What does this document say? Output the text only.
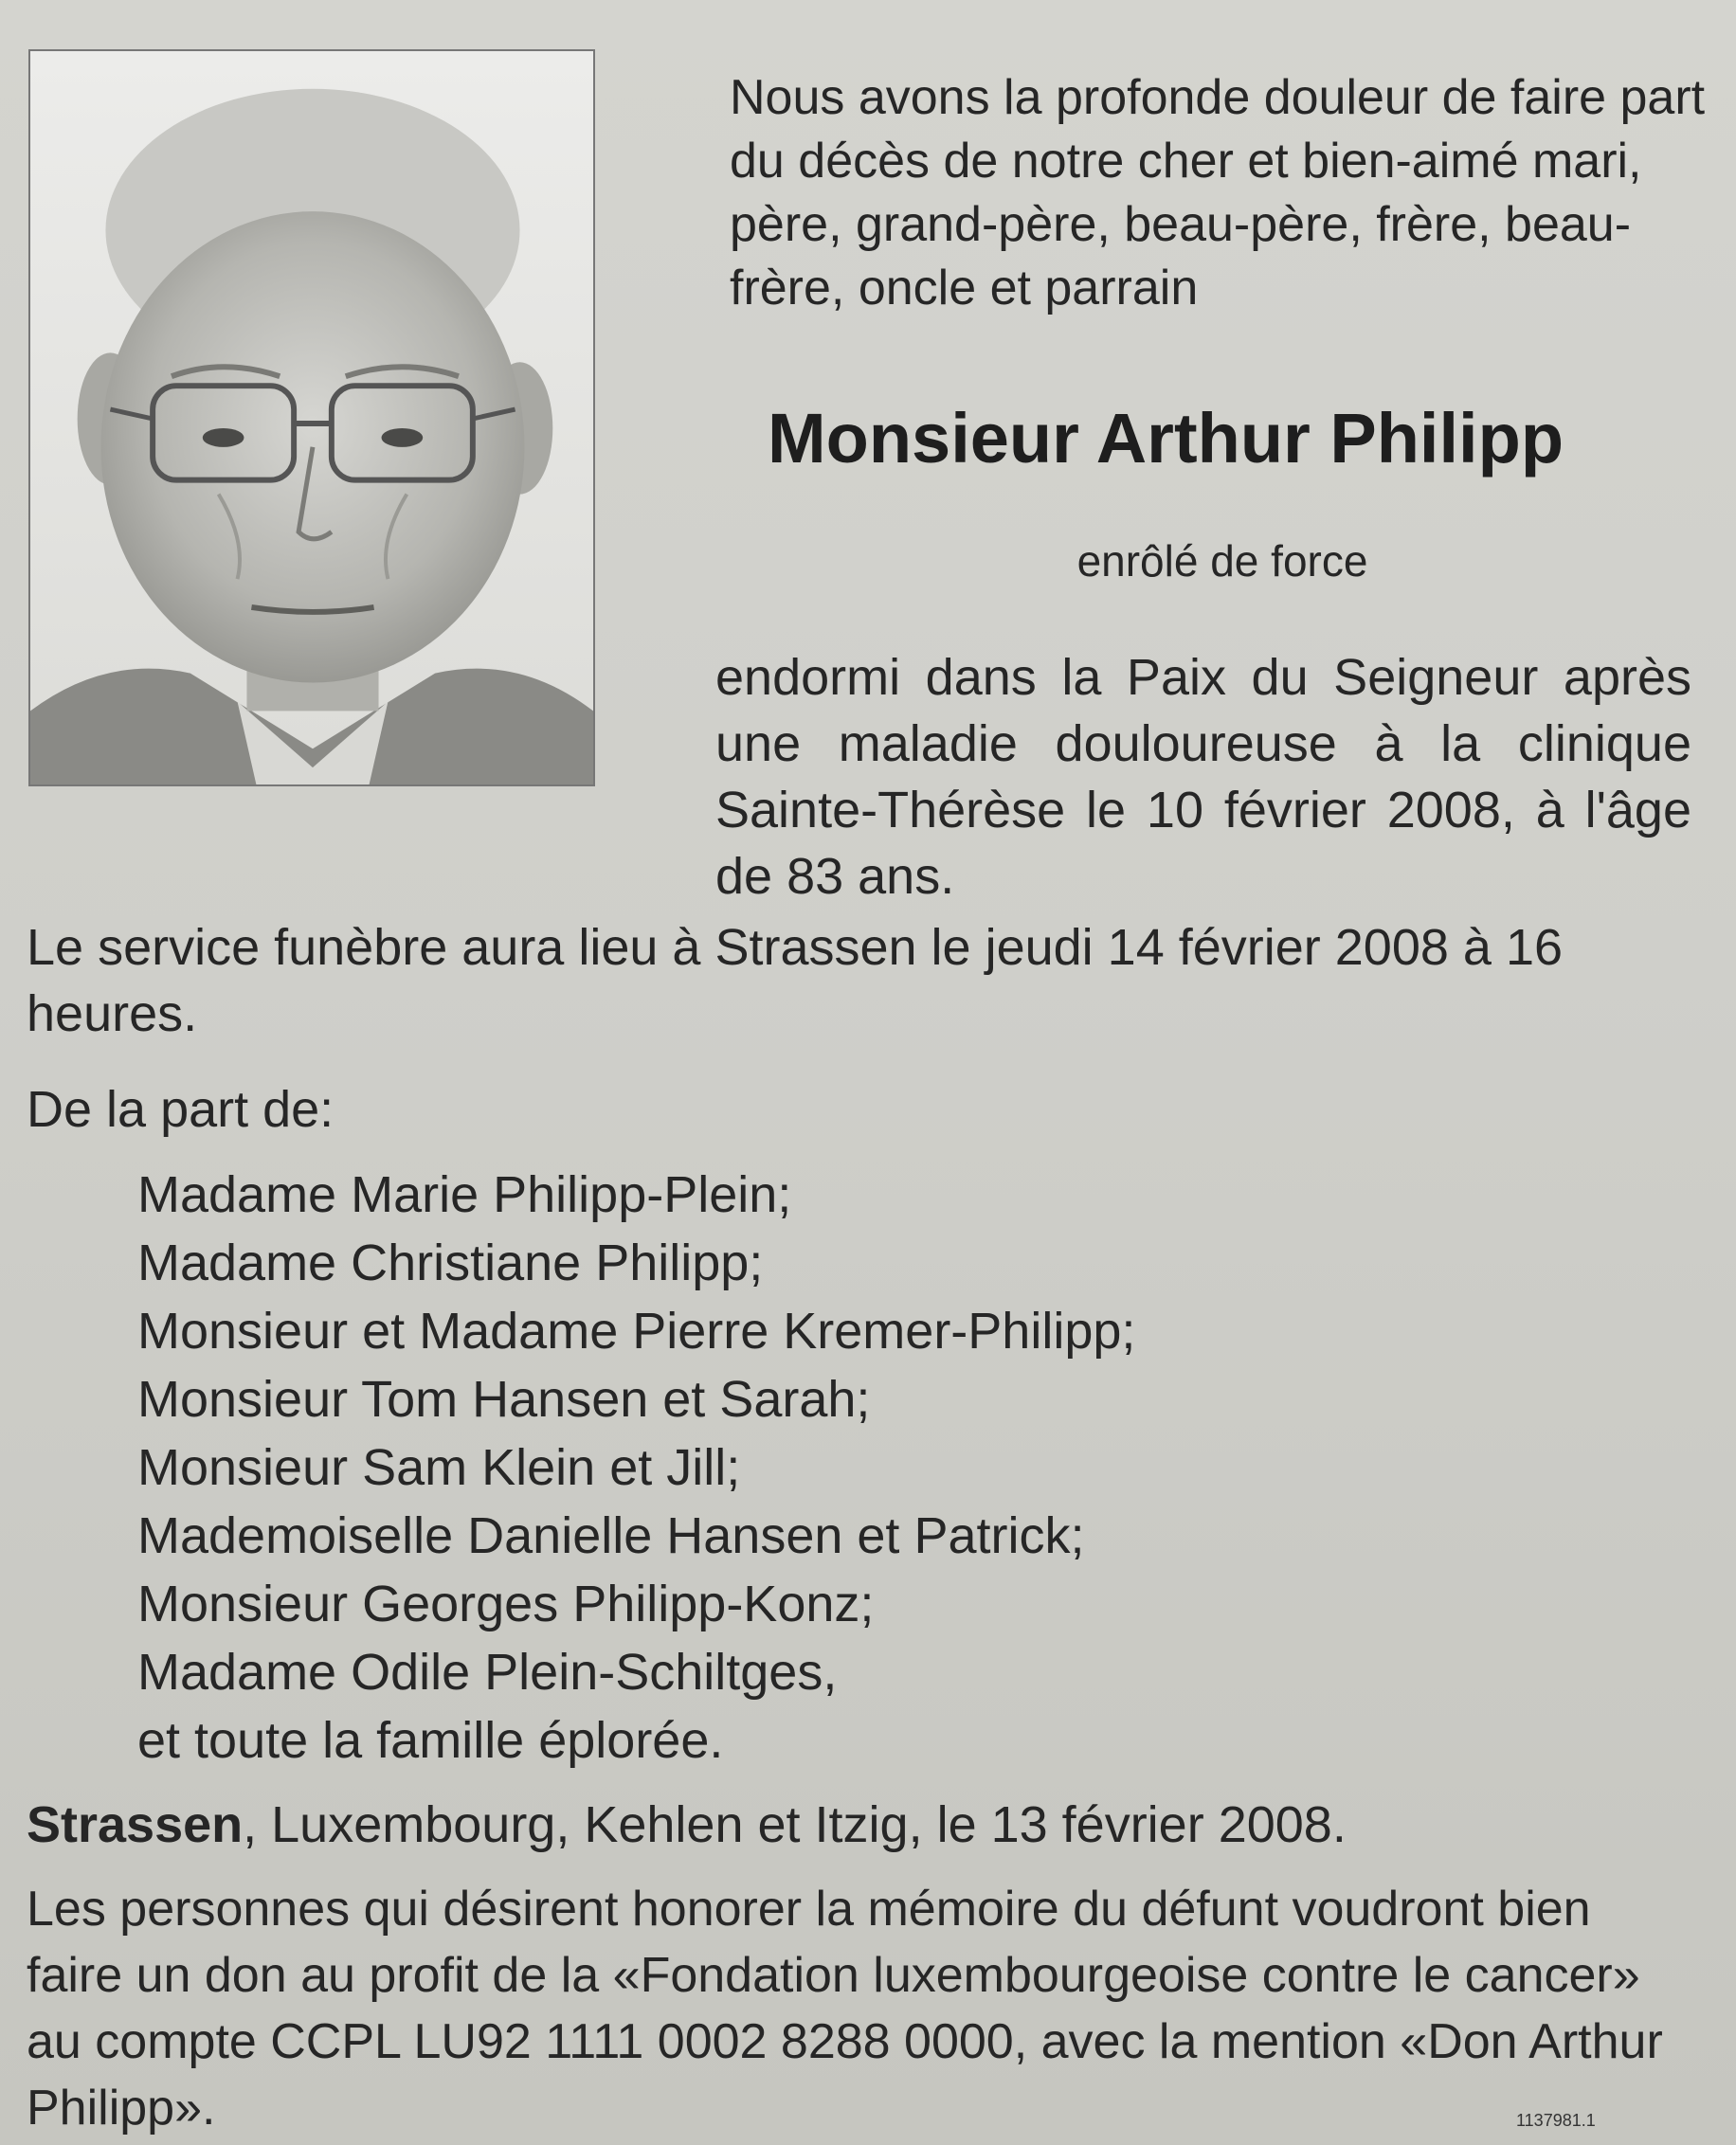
Nous avons la profonde douleur de faire part du décès de notre cher et bien-aimé mari, père, grand-père, beau-père, frère, beau-frère, oncle et parrain

Monsieur Arthur Philipp

enrôlé de force

endormi dans la Paix du Seigneur après une maladie douloureuse à la clinique Sainte-Thérèse le 10 février 2008, à l'âge de 83 ans.

Le service funèbre aura lieu à Strassen le jeudi 14 février 2008 à 16 heures.

De la part de:

Madame Marie Philipp-Plein;
Madame Christiane Philipp;
Monsieur et Madame Pierre Kremer-Philipp;
Monsieur Tom Hansen et Sarah;
Monsieur Sam Klein et Jill;
Mademoiselle Danielle Hansen et Patrick;
Monsieur Georges Philipp-Konz;
Madame Odile Plein-Schiltges,
et toute la famille éplorée.

Strassen, Luxembourg, Kehlen et Itzig, le 13 février 2008.

Les personnes qui désirent honorer la mémoire du défunt voudront bien faire un don au profit de la «Fondation luxembourgeoise contre le cancer» au compte CCPL LU92 1111 0002 8288 0000, avec la mention «Don Arthur Philipp».	1137981.1
